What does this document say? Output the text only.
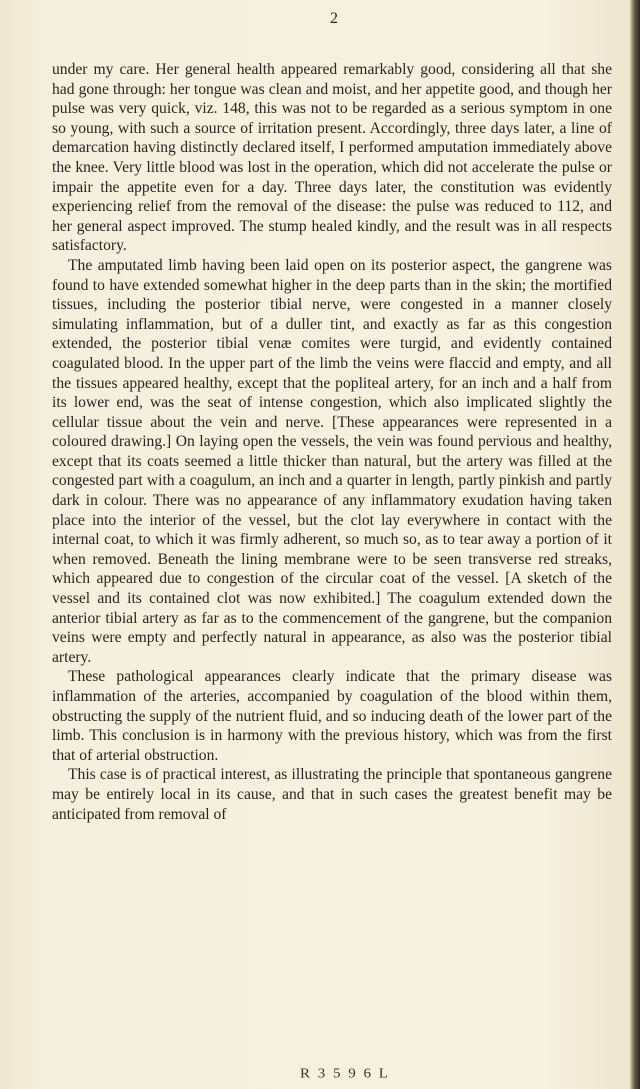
2

under my care. Her general health appeared remarkably good, considering all that she had gone through: her tongue was clean and moist, and her appetite good, and though her pulse was very quick, viz. 148, this was not to be regarded as a serious symptom in one so young, with such a source of irritation present. Accordingly, three days later, a line of demarcation having distinctly declared itself, I performed amputation immediately above the knee. Very little blood was lost in the operation, which did not accelerate the pulse or impair the appetite even for a day. Three days later, the constitution was evidently experiencing relief from the removal of the disease: the pulse was reduced to 112, and her general aspect improved. The stump healed kindly, and the result was in all respects satisfactory.

The amputated limb having been laid open on its posterior aspect, the gangrene was found to have extended somewhat higher in the deep parts than in the skin; the mortified tissues, including the posterior tibial nerve, were congested in a manner closely simulating inflammation, but of a duller tint, and exactly as far as this congestion extended, the posterior tibial venæ comites were turgid, and evidently contained coagulated blood. In the upper part of the limb the veins were flaccid and empty, and all the tissues appeared healthy, except that the popliteal artery, for an inch and a half from its lower end, was the seat of intense congestion, which also implicated slightly the cellular tissue about the vein and nerve. [These appearances were represented in a coloured drawing.] On laying open the vessels, the vein was found pervious and healthy, except that its coats seemed a little thicker than natural, but the artery was filled at the congested part with a coagulum, an inch and a quarter in length, partly pinkish and partly dark in colour. There was no appearance of any inflammatory exudation having taken place into the interior of the vessel, but the clot lay everywhere in contact with the internal coat, to which it was firmly adherent, so much so, as to tear away a portion of it when removed. Beneath the lining membrane were to be seen transverse red streaks, which appeared due to congestion of the circular coat of the vessel. [A sketch of the vessel and its contained clot was now exhibited.] The coagulum extended down the anterior tibial artery as far as to the commencement of the gangrene, but the companion veins were empty and perfectly natural in appearance, as also was the posterior tibial artery.

These pathological appearances clearly indicate that the primary disease was inflammation of the arteries, accompanied by coagulation of the blood within them, obstructing the supply of the nutrient fluid, and so inducing death of the lower part of the limb. This conclusion is in harmony with the previous history, which was from the first that of arterial obstruction.

This case is of practical interest, as illustrating the principle that spontaneous gangrene may be entirely local in its cause, and that in such cases the greatest benefit may be anticipated from removal of

R 3 5 9 6 L
